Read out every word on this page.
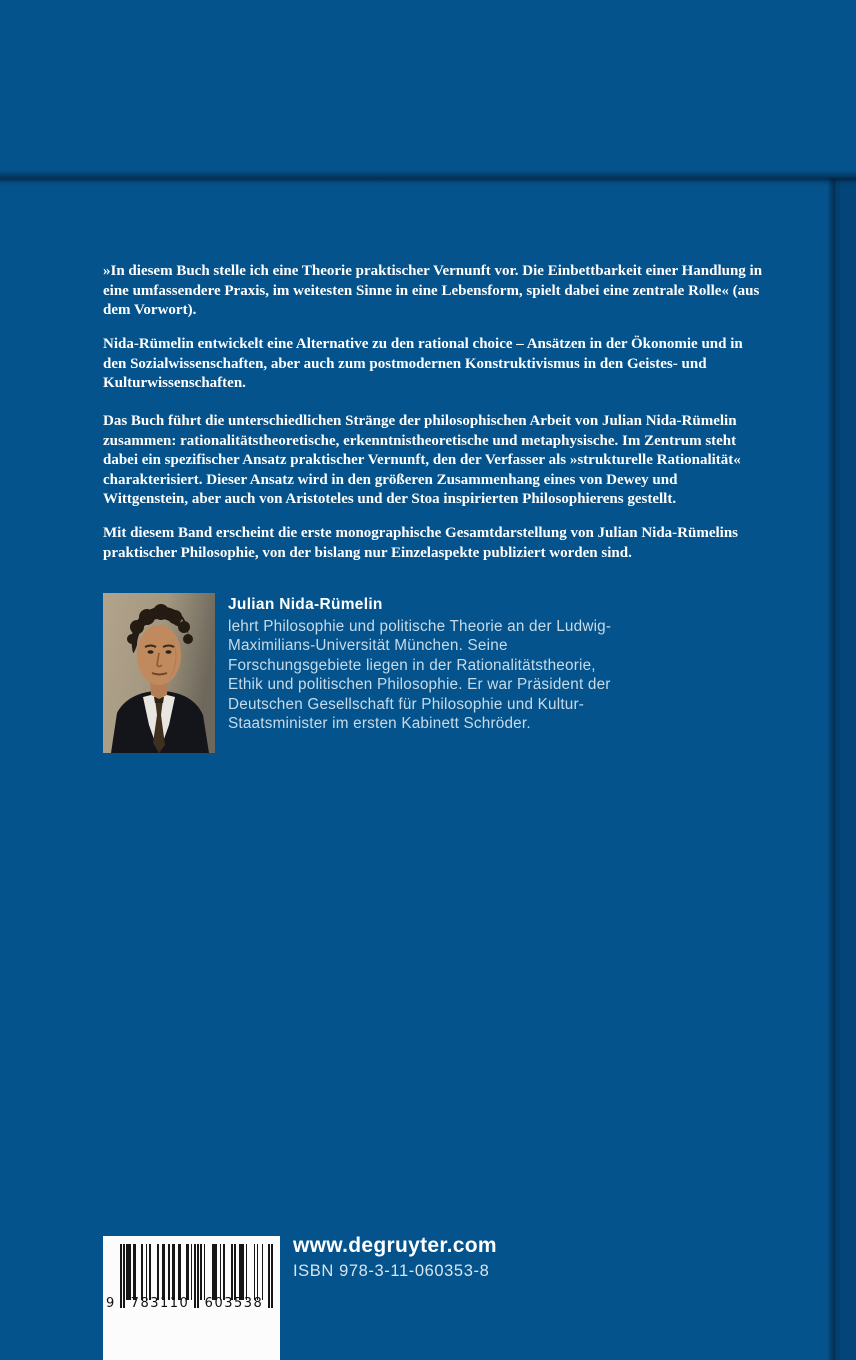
»In diesem Buch stelle ich eine Theorie praktischer Vernunft vor. Die Einbettbarkeit einer Handlung in eine umfassendere Praxis, im weitesten Sinne in eine Lebensform, spielt dabei eine zentrale Rolle« (aus dem Vorwort).

Nida-Rümelin entwickelt eine Alternative zu den rational choice – Ansätzen in der Ökonomie und in den Sozialwissenschaften, aber auch zum postmodernen Konstruktivismus in den Geistes- und Kulturwissenschaften.

Das Buch führt die unterschiedlichen Stränge der philosophischen Arbeit von Julian Nida-Rümelin zusammen: rationalitätstheoretische, erkenntnistheoretische und metaphysische. Im Zentrum steht dabei ein spezifischer Ansatz praktischer Vernunft, den der Verfasser als »strukturelle Rationalität« charakterisiert. Dieser Ansatz wird in den größeren Zusammenhang eines von Dewey und Wittgenstein, aber auch von Aristoteles und der Stoa inspirierten Philosophierens gestellt.

Mit diesem Band erscheint die erste monographische Gesamtdarstellung von Julian Nida-Rümelins praktischer Philosophie, von der bislang nur Einzelaspekte publiziert worden sind.

Julian Nida-Rümelin
lehrt Philosophie und politische Theorie an der Ludwig-Maximilians-Universität München. Seine Forschungsgebiete liegen in der Rationalitätstheorie, Ethik und politischen Philosophie. Er war Präsident der Deutschen Gesellschaft für Philosophie und Kultur-Staatsminister im ersten Kabinett Schröder.
9	783110	603538
www.degruyter.com
ISBN 978-3-11-060353-8
